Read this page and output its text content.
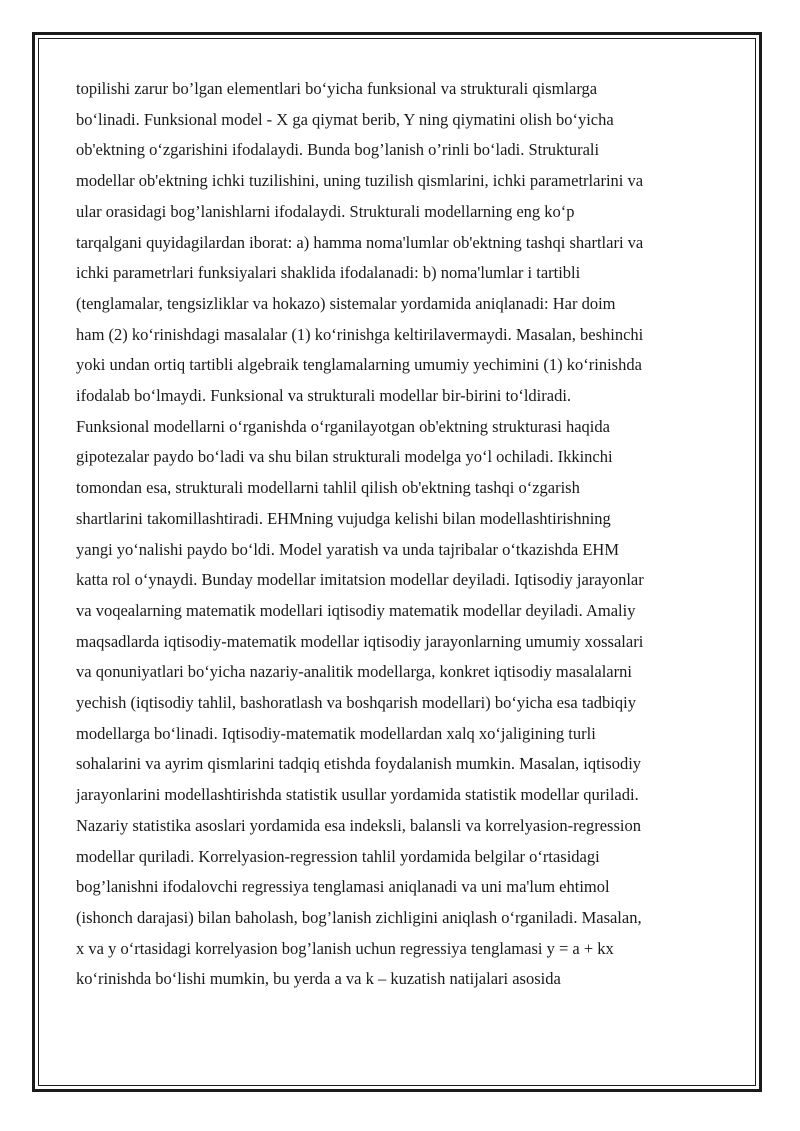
topilishi zarur bo’lgan elementlari bo‘yicha funksional va strukturali qismlarga
bo‘linadi. Funksional model - X ga qiymat berib, Y ning qiymatini olish bo‘yicha
ob'ektning o‘zgarishini ifodalaydi. Bunda bog’lanish o’rinli bo‘ladi. Strukturali
modellar ob'ektning ichki tuzilishini, uning tuzilish qismlarini, ichki parametrlarini va
ular orasidagi bog’lanishlarni ifodalaydi. Strukturali modellarning eng ko‘p
tarqalgani quyidagilardan iborat: a) hamma noma'lumlar ob'ektning tashqi shartlari va
ichki parametrlari funksiyalari shaklida ifodalanadi: b) noma'lumlar i tartibli
(tenglamalar, tengsizliklar va hokazo) sistemalar yordamida aniqlanadi: Har doim
ham (2) ko‘rinishdagi masalalar (1) ko‘rinishga keltirilavermaydi. Masalan, beshinchi
yoki undan ortiq tartibli algebraik tenglamalarning umumiy yechimini (1) ko‘rinishda
ifodalab bo‘lmaydi. Funksional va strukturali modellar bir-birini to‘ldiradi.
Funksional modellarni o‘rganishda o‘rganilayotgan ob'ektning strukturasi haqida
gipotezalar paydo bo‘ladi va shu bilan strukturali modelga yo‘l ochiladi. Ikkinchi
tomondan esa, strukturali modellarni tahlil qilish ob'ektning tashqi o‘zgarish
shartlarini takomillashtiradi. EHMning vujudga kelishi bilan modellashtirishning
yangi yo‘nalishi paydo bo‘ldi. Model yaratish va unda tajribalar o‘tkazishda EHM
katta rol o‘ynaydi. Bunday modellar imitatsion modellar deyiladi. Iqtisodiy jarayonlar
va voqealarning matematik modellari iqtisodiy matematik modellar deyiladi. Amaliy
maqsadlarda iqtisodiy-matematik modellar iqtisodiy jarayonlarning umumiy xossalari
va qonuniyatlari bo‘yicha nazariy-analitik modellarga, konkret iqtisodiy masalalarni
yechish (iqtisodiy tahlil, bashoratlash va boshqarish modellari) bo‘yicha esa tadbiqiy
modellarga bo‘linadi. Iqtisodiy-matematik modellardan xalq xo‘jaligining turli
sohalarini va ayrim qismlarini tadqiq etishda foydalanish mumkin. Masalan, iqtisodiy
jarayonlarini modellashtirishda statistik usullar yordamida statistik modellar quriladi.
Nazariy statistika asoslari yordamida esa indeksli, balansli va korrelyasion-regression
modellar quriladi. Korrelyasion-regression tahlil yordamida belgilar o‘rtasidagi
bog’lanishni ifodalovchi regressiya tenglamasi aniqlanadi va uni ma'lum ehtimol
(ishonch darajasi) bilan baholash, bog’lanish zichligini aniqlash o‘rganiladi. Masalan,
x va y o‘rtasidagi korrelyasion bog’lanish uchun regressiya tenglamasi y = a + kx
ko‘rinishda bo‘lishi mumkin, bu yerda a va k – kuzatish natijalari asosida
